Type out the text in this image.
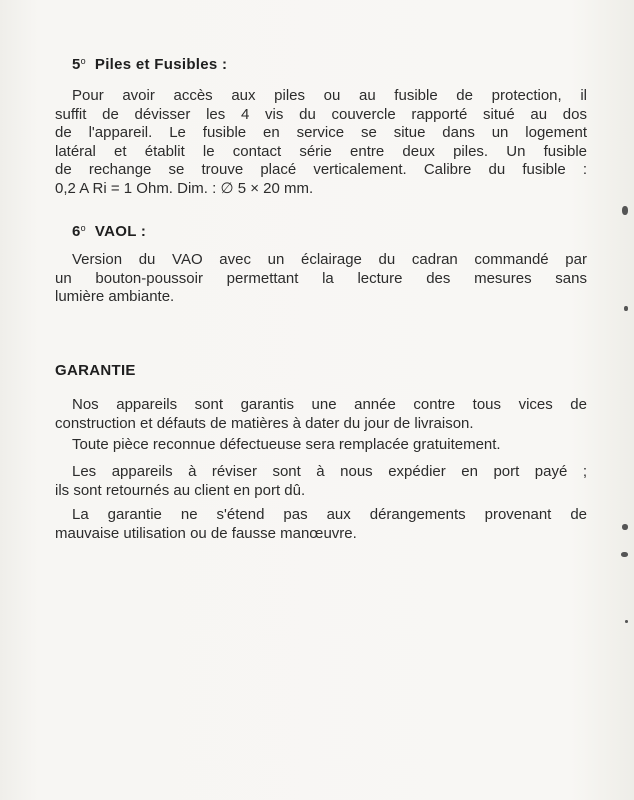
5$^o$ Piles et Fusibles :
Pour avoir accès aux piles ou au fusible de protection, il
suffit de dévisser les 4 vis du couvercle rapporté situé au dos
de l'appareil. Le fusible en service se situe dans un logement
latéral et établit le contact série entre deux piles. Un fusible
de rechange se trouve placé verticalement. Calibre du fusible :
0,2 A Ri = 1 Ohm. Dim. : ∅ 5 × 20 mm.
6$^o$ VAOL :
Version du VAO avec un éclairage du cadran commandé par
un bouton-poussoir permettant la lecture des mesures sans
lumière ambiante.
GARANTIE
Nos appareils sont garantis une année contre tous vices de
construction et défauts de matières à dater du jour de livraison.
Toute pièce reconnue défectueuse sera remplacée gratuitement.
Les appareils à réviser sont à nous expédier en port payé ;
ils sont retournés au client en port dû.
La garantie ne s'étend pas aux dérangements provenant de
mauvaise utilisation ou de fausse manœuvre.
